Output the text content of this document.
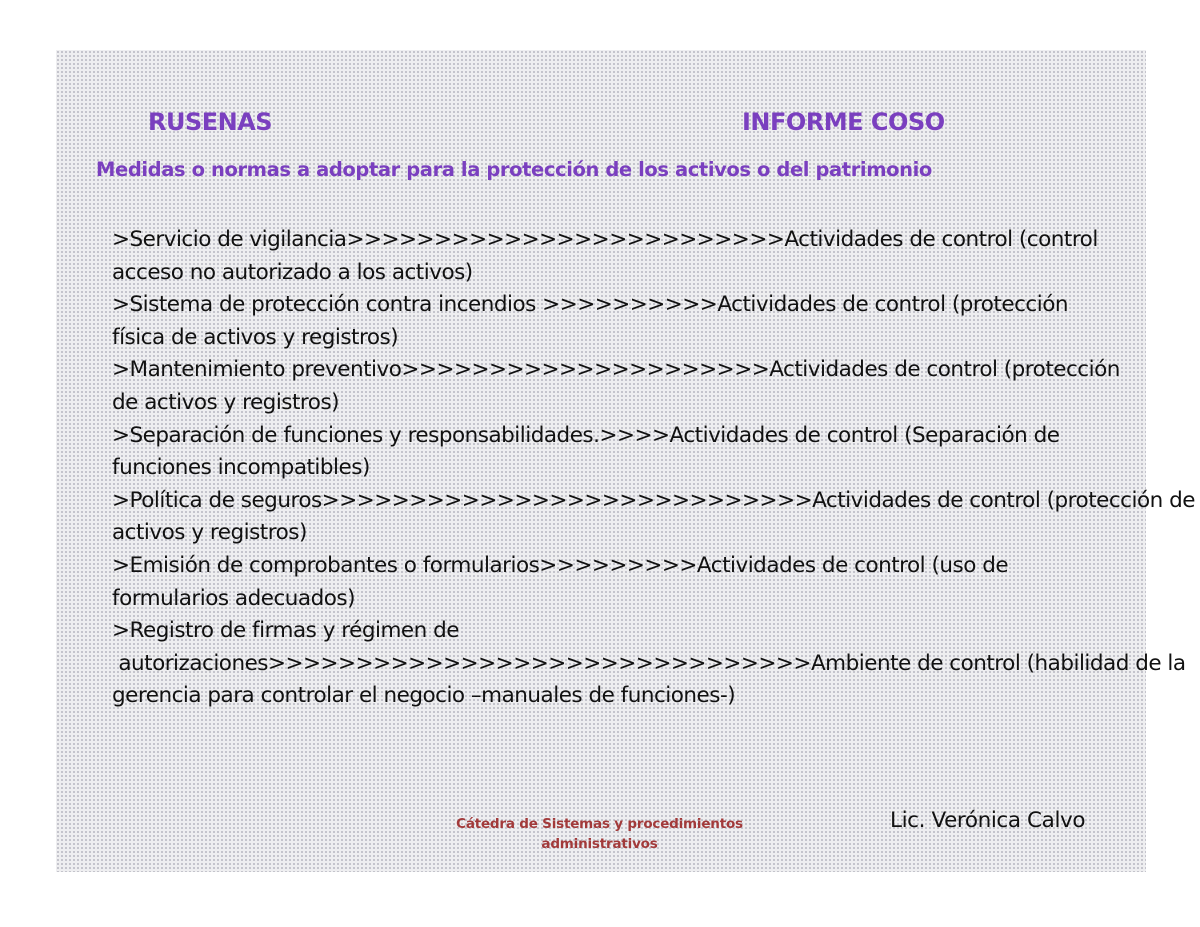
RUSENAS	INFORME COSO
Medidas o normas a adoptar para la protección de los activos o del patrimonio

>Servicio de vigilancia>>>>>>>>>>>>>>>>>>>>>>>>>Actividades de control (control

acceso no autorizado a los activos)

>Sistema de protección contra incendios >>>>>>>>>>Actividades de control (protección

física de activos y registros)

>Mantenimiento preventivo>>>>>>>>>>>>>>>>>>>>>Actividades de control (protección

de activos y registros)

>Separación de funciones y responsabilidades.>>>>Actividades de control (Separación de

funciones incompatibles)

>Política de seguros>>>>>>>>>>>>>>>>>>>>>>>>>>>>Actividades de control (protección de

activos y registros)

>Emisión de comprobantes o formularios>>>>>>>>>Actividades de control (uso de

formularios adecuados)

>Registro de firmas y régimen de

autorizaciones>>>>>>>>>>>>>>>>>>>>>>>>>>>>>>>Ambiente de control (habilidad de la

gerencia para controlar el negocio –manuales de funciones-)

Cátedra de Sistemas y procedimientos
administrativos
Lic. Verónica Calvo
